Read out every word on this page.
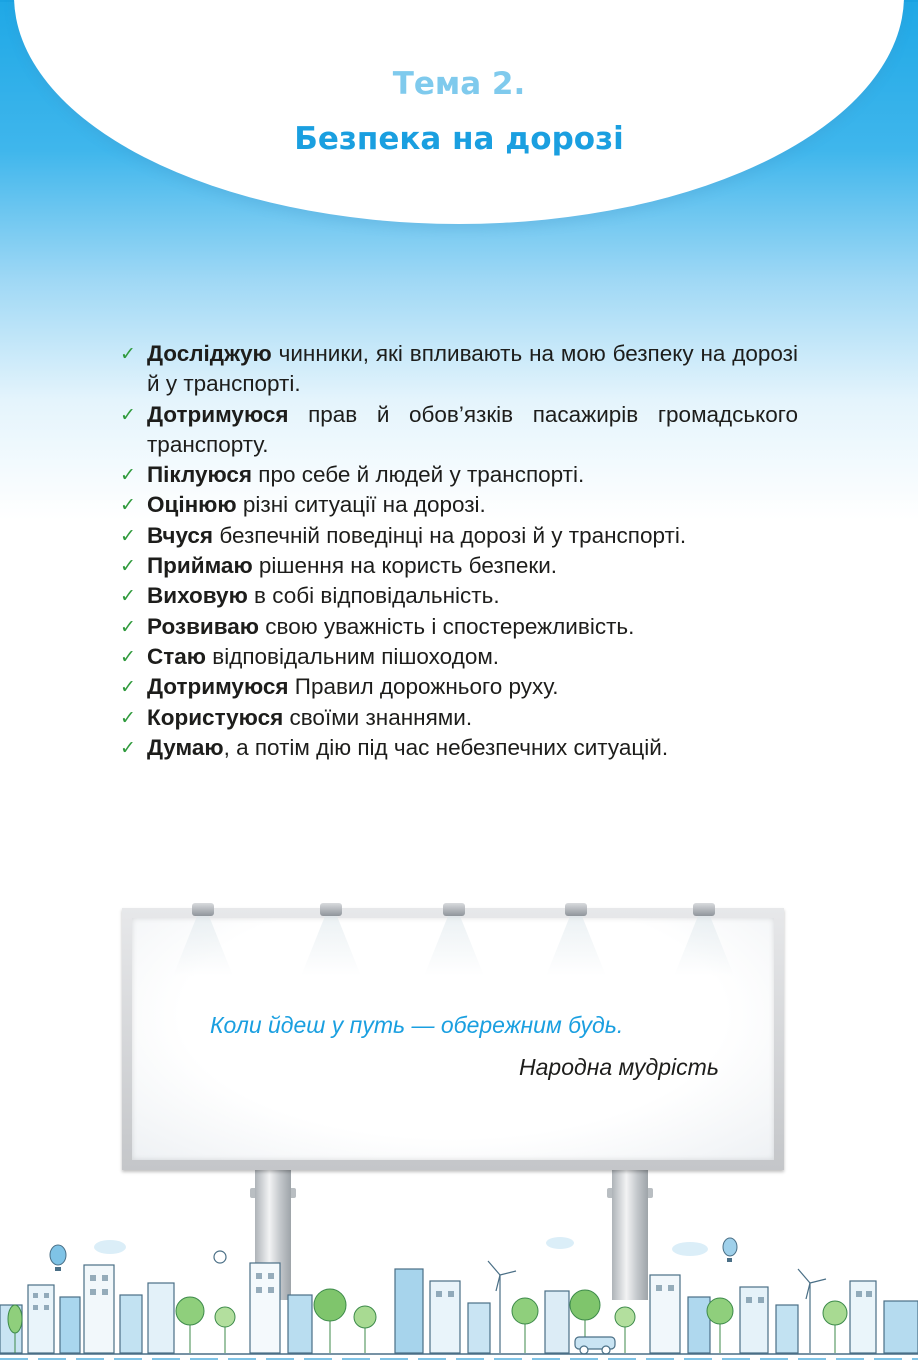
Тема 2.
Безпека на дорозі
✓ Досліджую чинники, які впливають на мою безпеку на дорозі й у транспорті.
✓ Дотримуюся прав й обов’язків пасажирів громадського транспорту.
✓ Піклуюся про себе й людей у транспорті.
✓ Оцінюю різні ситуації на дорозі.
✓ Вчуся безпечній поведінці на дорозі й у транспорті.
✓ Приймаю рішення на користь безпеки.
✓ Виховую в собі відповідальність.
✓ Розвиваю свою уважність і спостережливість.
✓ Стаю відповідальним пішоходом.
✓ Дотримуюся Правил дорожнього руху.
✓ Користуюся своїми знаннями.
✓ Думаю, а потім дію під час небезпечних ситуацій.
Коли йдеш у путь — обережним будь.
Народна мудрість
